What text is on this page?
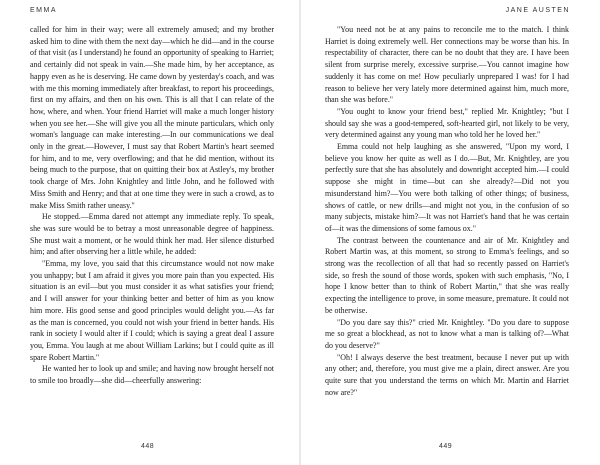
EMMA

called for him in their way; were all extremely amused; and my brother asked him to dine with them the next day—which he did—and in the course of that visit (as I understand) he found an opportunity of speaking to Harriet; and certainly did not speak in vain.—She made him, by her acceptance, as happy even as he is deserving. He came down by yesterday's coach, and was with me this morning immediately after breakfast, to report his proceedings, first on my affairs, and then on his own. This is all that I can relate of the how, where, and when. Your friend Harriet will make a much longer history when you see her.—She will give you all the minute particulars, which only woman's language can make interesting.—In our communications we deal only in the great.—However, I must say that Robert Martin's heart seemed for him, and to me, very overflowing; and that he did mention, without its being much to the purpose, that on quitting their box at Astley's, my brother took charge of Mrs. John Knightley and little John, and he followed with Miss Smith and Henry; and that at one time they were in such a crowd, as to make Miss Smith rather uneasy."

He stopped.—Emma dared not attempt any immediate reply. To speak, she was sure would be to betray a most unreasonable degree of happiness. She must wait a moment, or he would think her mad. Her silence disturbed him; and after observing her a little while, he added:

"Emma, my love, you said that this circumstance would not now make you unhappy; but I am afraid it gives you more pain than you expected. His situation is an evil—but you must consider it as what satisfies your friend; and I will answer for your thinking better and better of him as you know him more. His good sense and good principles would delight you.—As far as the man is concerned, you could not wish your friend in better hands. His rank in society I would alter if I could; which is saying a great deal I assure you, Emma. You laugh at me about William Larkins; but I could quite as ill spare Robert Martin."

He wanted her to look up and smile; and having now brought herself not to smile too broadly—she did—cheerfully answering:

448
JANE AUSTEN

"You need not be at any pains to reconcile me to the match. I think Harriet is doing extremely well. Her connections may be worse than his. In respectability of character, there can be no doubt that they are. I have been silent from surprise merely, excessive surprise.—You cannot imagine how suddenly it has come on me! How peculiarly unprepared I was! for I had reason to believe her very lately more determined against him, much more, than she was before."

"You ought to know your friend best," replied Mr. Knightley; "but I should say she was a good-tempered, soft-hearted girl, not likely to be very, very determined against any young man who told her he loved her."

Emma could not help laughing as she answered, "Upon my word, I believe you know her quite as well as I do.—But, Mr. Knightley, are you perfectly sure that she has absolutely and downright accepted him.—I could suppose she might in time—but can she already?—Did not you misunderstand him?—You were both talking of other things; of business, shows of cattle, or new drills—and might not you, in the confusion of so many subjects, mistake him?—It was not Harriet's hand that he was certain of—it was the dimensions of some famous ox."

The contrast between the countenance and air of Mr. Knightley and Robert Martin was, at this moment, so strong to Emma's feelings, and so strong was the recollection of all that had so recently passed on Harriet's side, so fresh the sound of those words, spoken with such emphasis, "No, I hope I know better than to think of Robert Martin," that she was really expecting the intelligence to prove, in some measure, premature. It could not be otherwise.

"Do you dare say this?" cried Mr. Knightley. "Do you dare to suppose me so great a blockhead, as not to know what a man is talking of?—What do you deserve?"

"Oh! I always deserve the best treatment, because I never put up with any other; and, therefore, you must give me a plain, direct answer. Are you quite sure that you understand the terms on which Mr. Martin and Harriet now are?"

449
